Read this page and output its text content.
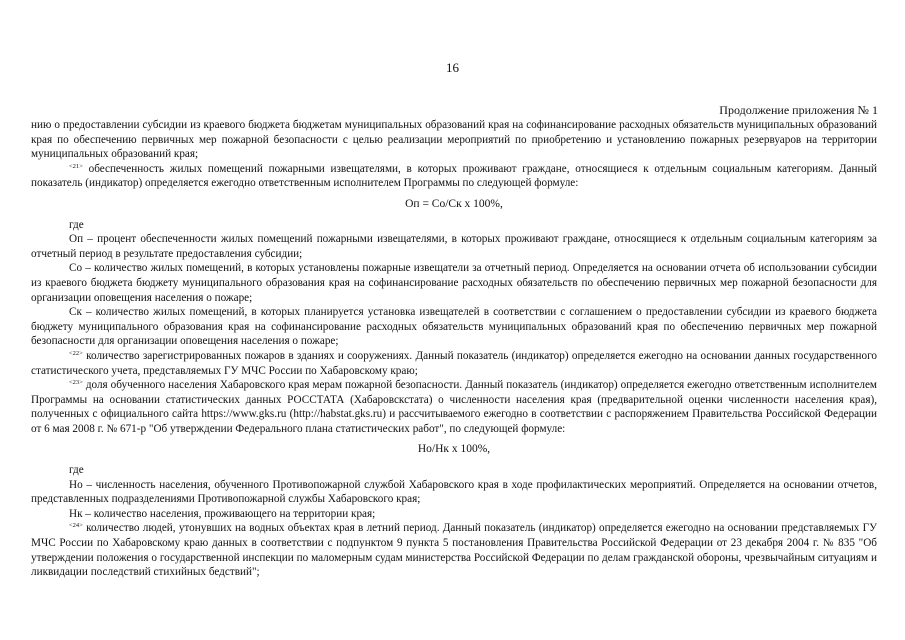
16
Продолжение приложения № 1

нию о предоставлении субсидии из краевого бюджета бюджетам муниципальных образований края на софинансирование расходных обязательств муниципальных образований края по обеспечению первичных мер пожарной безопасности с целью реализации мероприятий по приобретению и установлению пожарных резервуаров на территории муниципальных образований края;

$^{<21>}$ обеспеченность жилых помещений пожарными извещателями, в которых проживают граждане, относящиеся к отдельным социальным категориям. Данный показатель (индикатор) определяется ежегодно ответственным исполнителем Программы по следующей формуле:

Оп = Со/Ск x 100%,

где

Оп – процент обеспеченности жилых помещений пожарными извещателями, в которых проживают граждане, относящиеся к отдельным социальным категориям за отчетный период в результате предоставления субсидии;

Со – количество жилых помещений, в которых установлены пожарные извещатели за отчетный период. Определяется на основании отчета об использовании субсидии из краевого бюджета бюджету муниципального образования края на софинансирование расходных обязательств по обеспечению первичных мер пожарной безопасности для организации оповещения населения о пожаре;

Ск – количество жилых помещений, в которых планируется установка извещателей в соответствии с соглашением о предоставлении субсидии из краевого бюджета бюджету муниципального образования края на софинансирование расходных обязательств муниципальных образований края по обеспечению первичных мер пожарной безопасности для организации оповещения населения о пожаре;

$^{<22>}$ количество зарегистрированных пожаров в зданиях и сооружениях. Данный показатель (индикатор) определяется ежегодно на основании данных государственного статистического учета, представляемых ГУ МЧС России по Хабаровскому краю;

$^{<23>}$ доля обученного населения Хабаровского края мерам пожарной безопасности. Данный показатель (индикатор) определяется ежегодно ответственным исполнителем Программы на основании статистических данных РОССТАТА (Хабаровскстата) о численности населения края (предварительной оценки численности населения края), полученных с официального сайта https://www.gks.ru (http://habstat.gks.ru) и рассчитываемого ежегодно в соответствии с распоряжением Правительства Российской Федерации от 6 мая 2008 г. № 671-р "Об утверждении Федерального плана статистических работ", по следующей формуле:

Но/Нк x 100%,

где

Но – численность населения, обученного Противопожарной службой Хабаровского края в ходе профилактических мероприятий. Определяется на основании отчетов, представленных подразделениями Противопожарной службы Хабаровского края;

Нк – количество населения, проживающего на территории края;

$^{<24>}$ количество людей, утонувших на водных объектах края в летний период. Данный показатель (индикатор) определяется ежегодно на основании представляемых ГУ МЧС России по Хабаровскому краю данных в соответствии с подпунктом 9 пункта 5 постановления Правительства Российской Федерации от 23 декабря 2004 г. № 835 "Об утверждении положения о государственной инспекции по маломерным судам министерства Российской Федерации по делам гражданской обороны, чрезвычайным ситуациям и ликвидации последствий стихийных бедствий";
